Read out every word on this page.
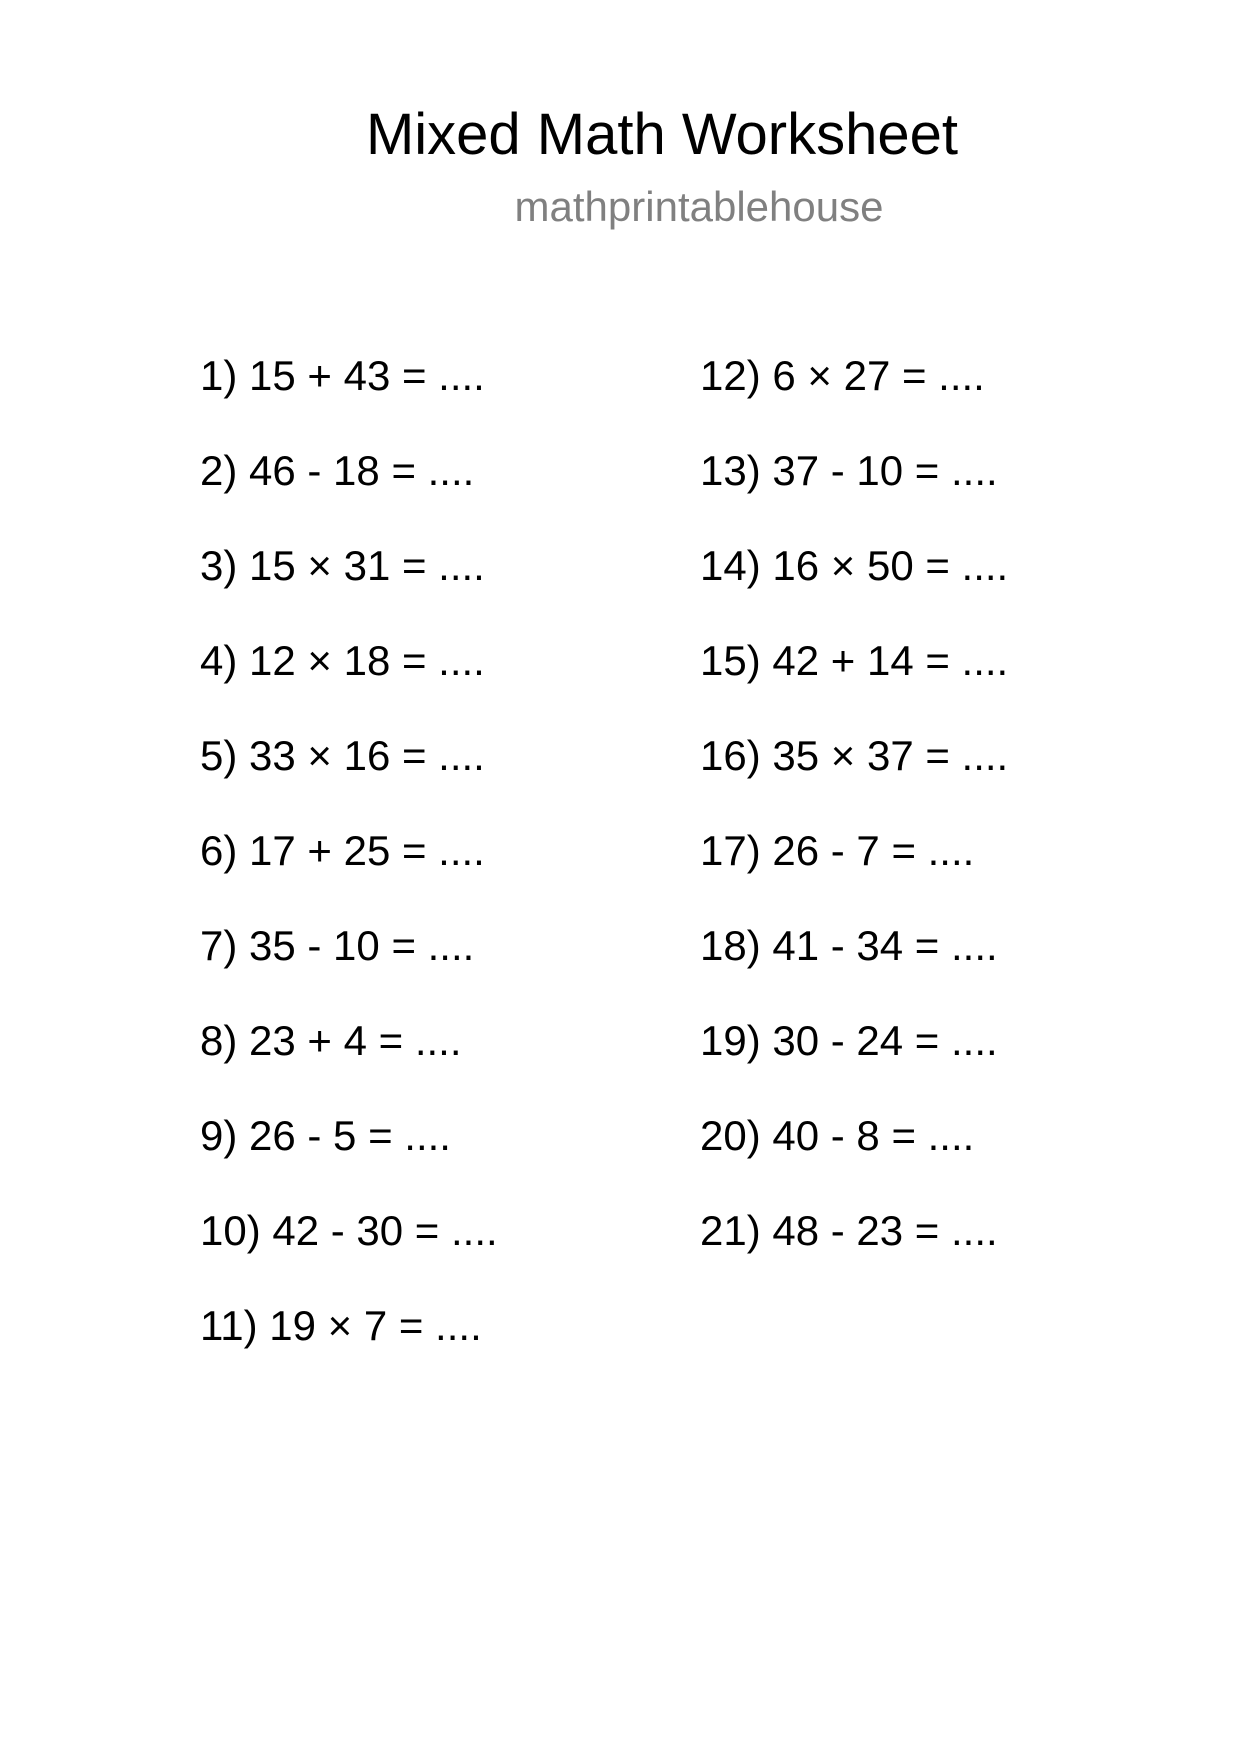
Mixed Math Worksheet
mathprintablehouse
1) 15 + 43 = ....
2) 46 - 18 = ....
3) 15 × 31 = ....
4) 12 × 18 = ....
5) 33 × 16 = ....
6) 17 + 25 = ....
7) 35 - 10 = ....
8) 23 + 4 = ....
9) 26 - 5 = ....
10) 42 - 30 = ....
11) 19 × 7 = ....
12) 6 × 27 = ....
13) 37 - 10 = ....
14) 16 × 50 = ....
15) 42 + 14 = ....
16) 35 × 37 = ....
17) 26 - 7 = ....
18) 41 - 34 = ....
19) 30 - 24 = ....
20) 40 - 8 = ....
21) 48 - 23 = ....
